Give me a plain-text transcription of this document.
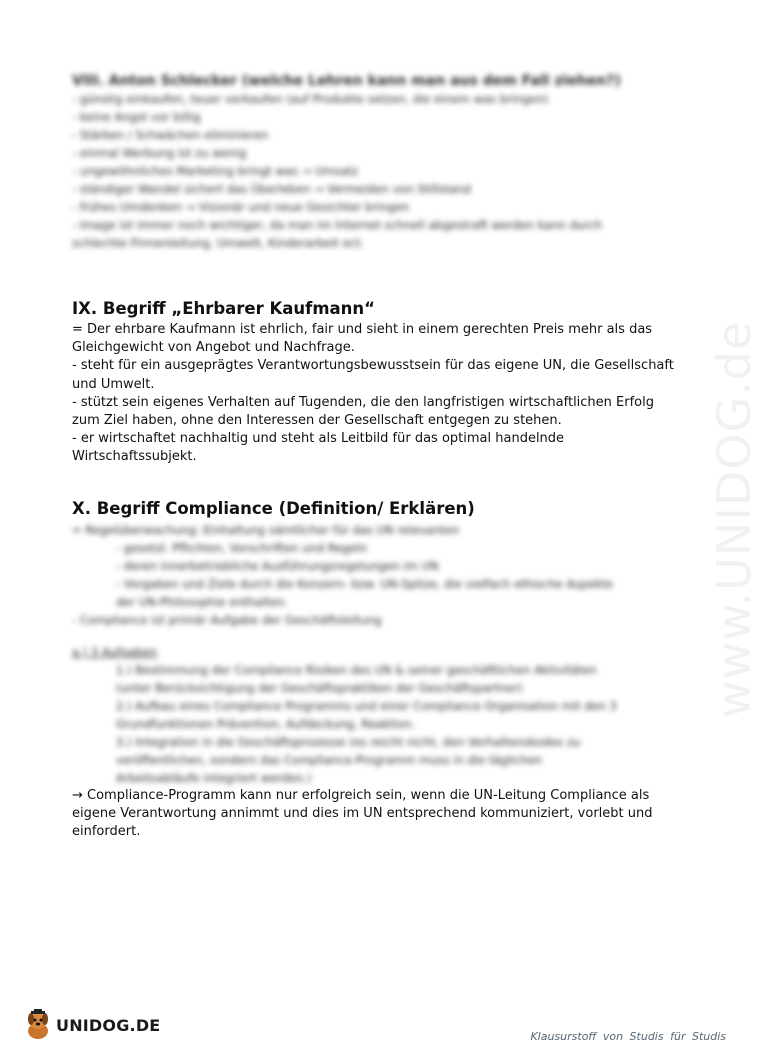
www.UNIDOG.de
VIII. Anton Schlecker (welche Lehren kann man aus dem Fall ziehen?)
- günstig einkaufen, teuer verkaufen (auf Produkte setzen, die einem was bringen)
- keine Angst vor billig
- Stärken / Schwächen eliminieren
- einmal Werbung ist zu wenig
- ungewöhnliches Marketing bringt was → Umsatz
- ständiger Wandel sichert das Überleben → Vermeiden von Stillstand
- frühes Umdenken → Visionär und neue Gesichter bringen
- Image ist immer noch wichtiger, da man im Internet schnell abgestraft werden kann durch
schlechte Firmenleitung, Umwelt, Kinderarbeit ect.
IX. Begriff „Ehrbarer Kaufmann“
= Der ehrbare Kaufmann ist ehrlich, fair und sieht in einem gerechten Preis mehr als das Gleichgewicht von Angebot und Nachfrage.
- steht für ein ausgeprägtes Verantwortungsbewusstsein für das eigene UN, die Gesellschaft und Umwelt.
- stützt sein eigenes Verhalten auf Tugenden, die den langfristigen wirtschaftlichen Erfolg zum Ziel haben, ohne den Interessen der Gesellschaft entgegen zu stehen.
- er wirtschaftet nachhaltig und steht als Leitbild für das optimal handelnde Wirtschaftssubjekt.
X. Begriff Compliance (Definition/ Erklären)
= Regelüberwachung: Einhaltung sämtlicher für das UN relevanten
- gesetzl. Pflichten, Vorschriften und Regeln
- deren innerbetriebliche Ausführungsregelungen im UN
- Vorgaben und Ziele durch die Konzern- bzw. UN-Spitze, die vielfach ethische Aspekte
der UN-Philosophie enthalten.
- Compliance ist primär Aufgabe der Geschäftsleitung
a.) 3 Aufgaben
1.) Bestimmung der Compliance Risiken des UN & seiner geschäftlichen Aktivitäten
(unter Berücksichtigung der Geschäftspraktiken der Geschäftspartner)
2.) Aufbau eines Compliance Programms und einer Compliance Organisation mit den 3
Grundfunktionen Prävention, Aufdeckung, Reaktion.
3.) Integration in die Geschäftsprozesse (es reicht nicht, den Verhaltenskodex zu
veröffentlichen, sondern das Compliance-Programm muss in die täglichen
Arbeitsabläufe integriert werden.)
→ Compliance-Programm kann nur erfolgreich sein, wenn die UN-Leitung Compliance als eigene Verantwortung annimmt und dies im UN entsprechend kommuniziert, vorlebt und einfordert.
UNIDOG.DE
Klausurstoff von Studis für Studis
